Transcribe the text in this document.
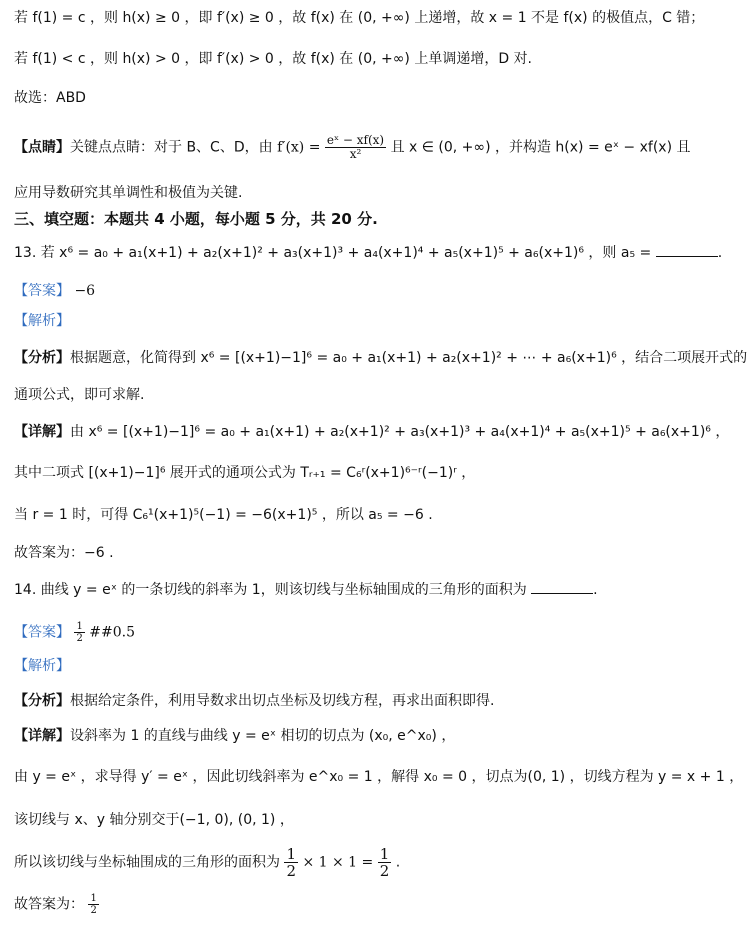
若 f(1) = c ，则 h(x) ≥ 0 ，即 f′(x) ≥ 0 ，故 f(x) 在 (0, +∞) 上递增，故 x = 1 不是 f(x) 的极值点，C 错；
若 f(1) < c ，则 h(x) > 0 ，即 f′(x) > 0 ，故 f(x) 在 (0, +∞) 上单调递增，D 对.
故选：ABD
【点睛】关键点点睛：对于 B、C、D，由 $f'(x) = \frac{\text{eˣ − xf(x)}}{\text{x²}}$ 且 x ∈ (0, +∞) ，并构造 h(x) = eˣ − xf(x) 且
应用导数研究其单调性和极值为关键.
三、填空题：本题共 4 小题，每小题 5 分，共 20 分.
13. 若 x⁶ = a₀ + a₁(x+1) + a₂(x+1)² + a₃(x+1)³ + a₄(x+1)⁴ + a₅(x+1)⁵ + a₆(x+1)⁶ ，则 a₅ =	.
【答案】 −6
【解析】
【分析】根据题意，化简得到 x⁶ = [(x+1)−1]⁶ = a₀ + a₁(x+1) + a₂(x+1)² + ⋯ + a₆(x+1)⁶ ，结合二项展开式的
通项公式，即可求解.
【详解】由 x⁶ = [(x+1)−1]⁶ = a₀ + a₁(x+1) + a₂(x+1)² + a₃(x+1)³ + a₄(x+1)⁴ + a₅(x+1)⁵ + a₆(x+1)⁶ ，
其中二项式 [(x+1)−1]⁶ 展开式的通项公式为 Tᵣ₊₁ = C₆ʳ(x+1)⁶⁻ʳ(−1)ʳ ，
当 r = 1 时，可得 C₆¹(x+1)⁵(−1) = −6(x+1)⁵ ，所以 a₅ = −6 .
故答案为：−6 .
14. 曲线 y = eˣ 的一条切线的斜率为 1，则该切线与坐标轴围成的三角形的面积为	.
【答案】 $\frac{1}{2}$ ##0.5
【解析】
【分析】根据给定条件，利用导数求出切点坐标及切线方程，再求出面积即得.
【详解】设斜率为 1 的直线与曲线 y = eˣ 相切的切点为 (x₀, e^x₀) ，
由 y = eˣ ，求导得 y′ = eˣ ，因此切线斜率为 e^x₀ = 1 ，解得 x₀ = 0 ，切点为(0, 1) ，切线方程为 y = x + 1 ，
该切线与 x、y 轴分别交于(−1, 0), (0, 1) ，
所以该切线与坐标轴围成的三角形的面积为 $\frac{1}{2} \times 1 \times 1 = \frac{1}{2}$ .
故答案为： $\frac{1}{2}$
